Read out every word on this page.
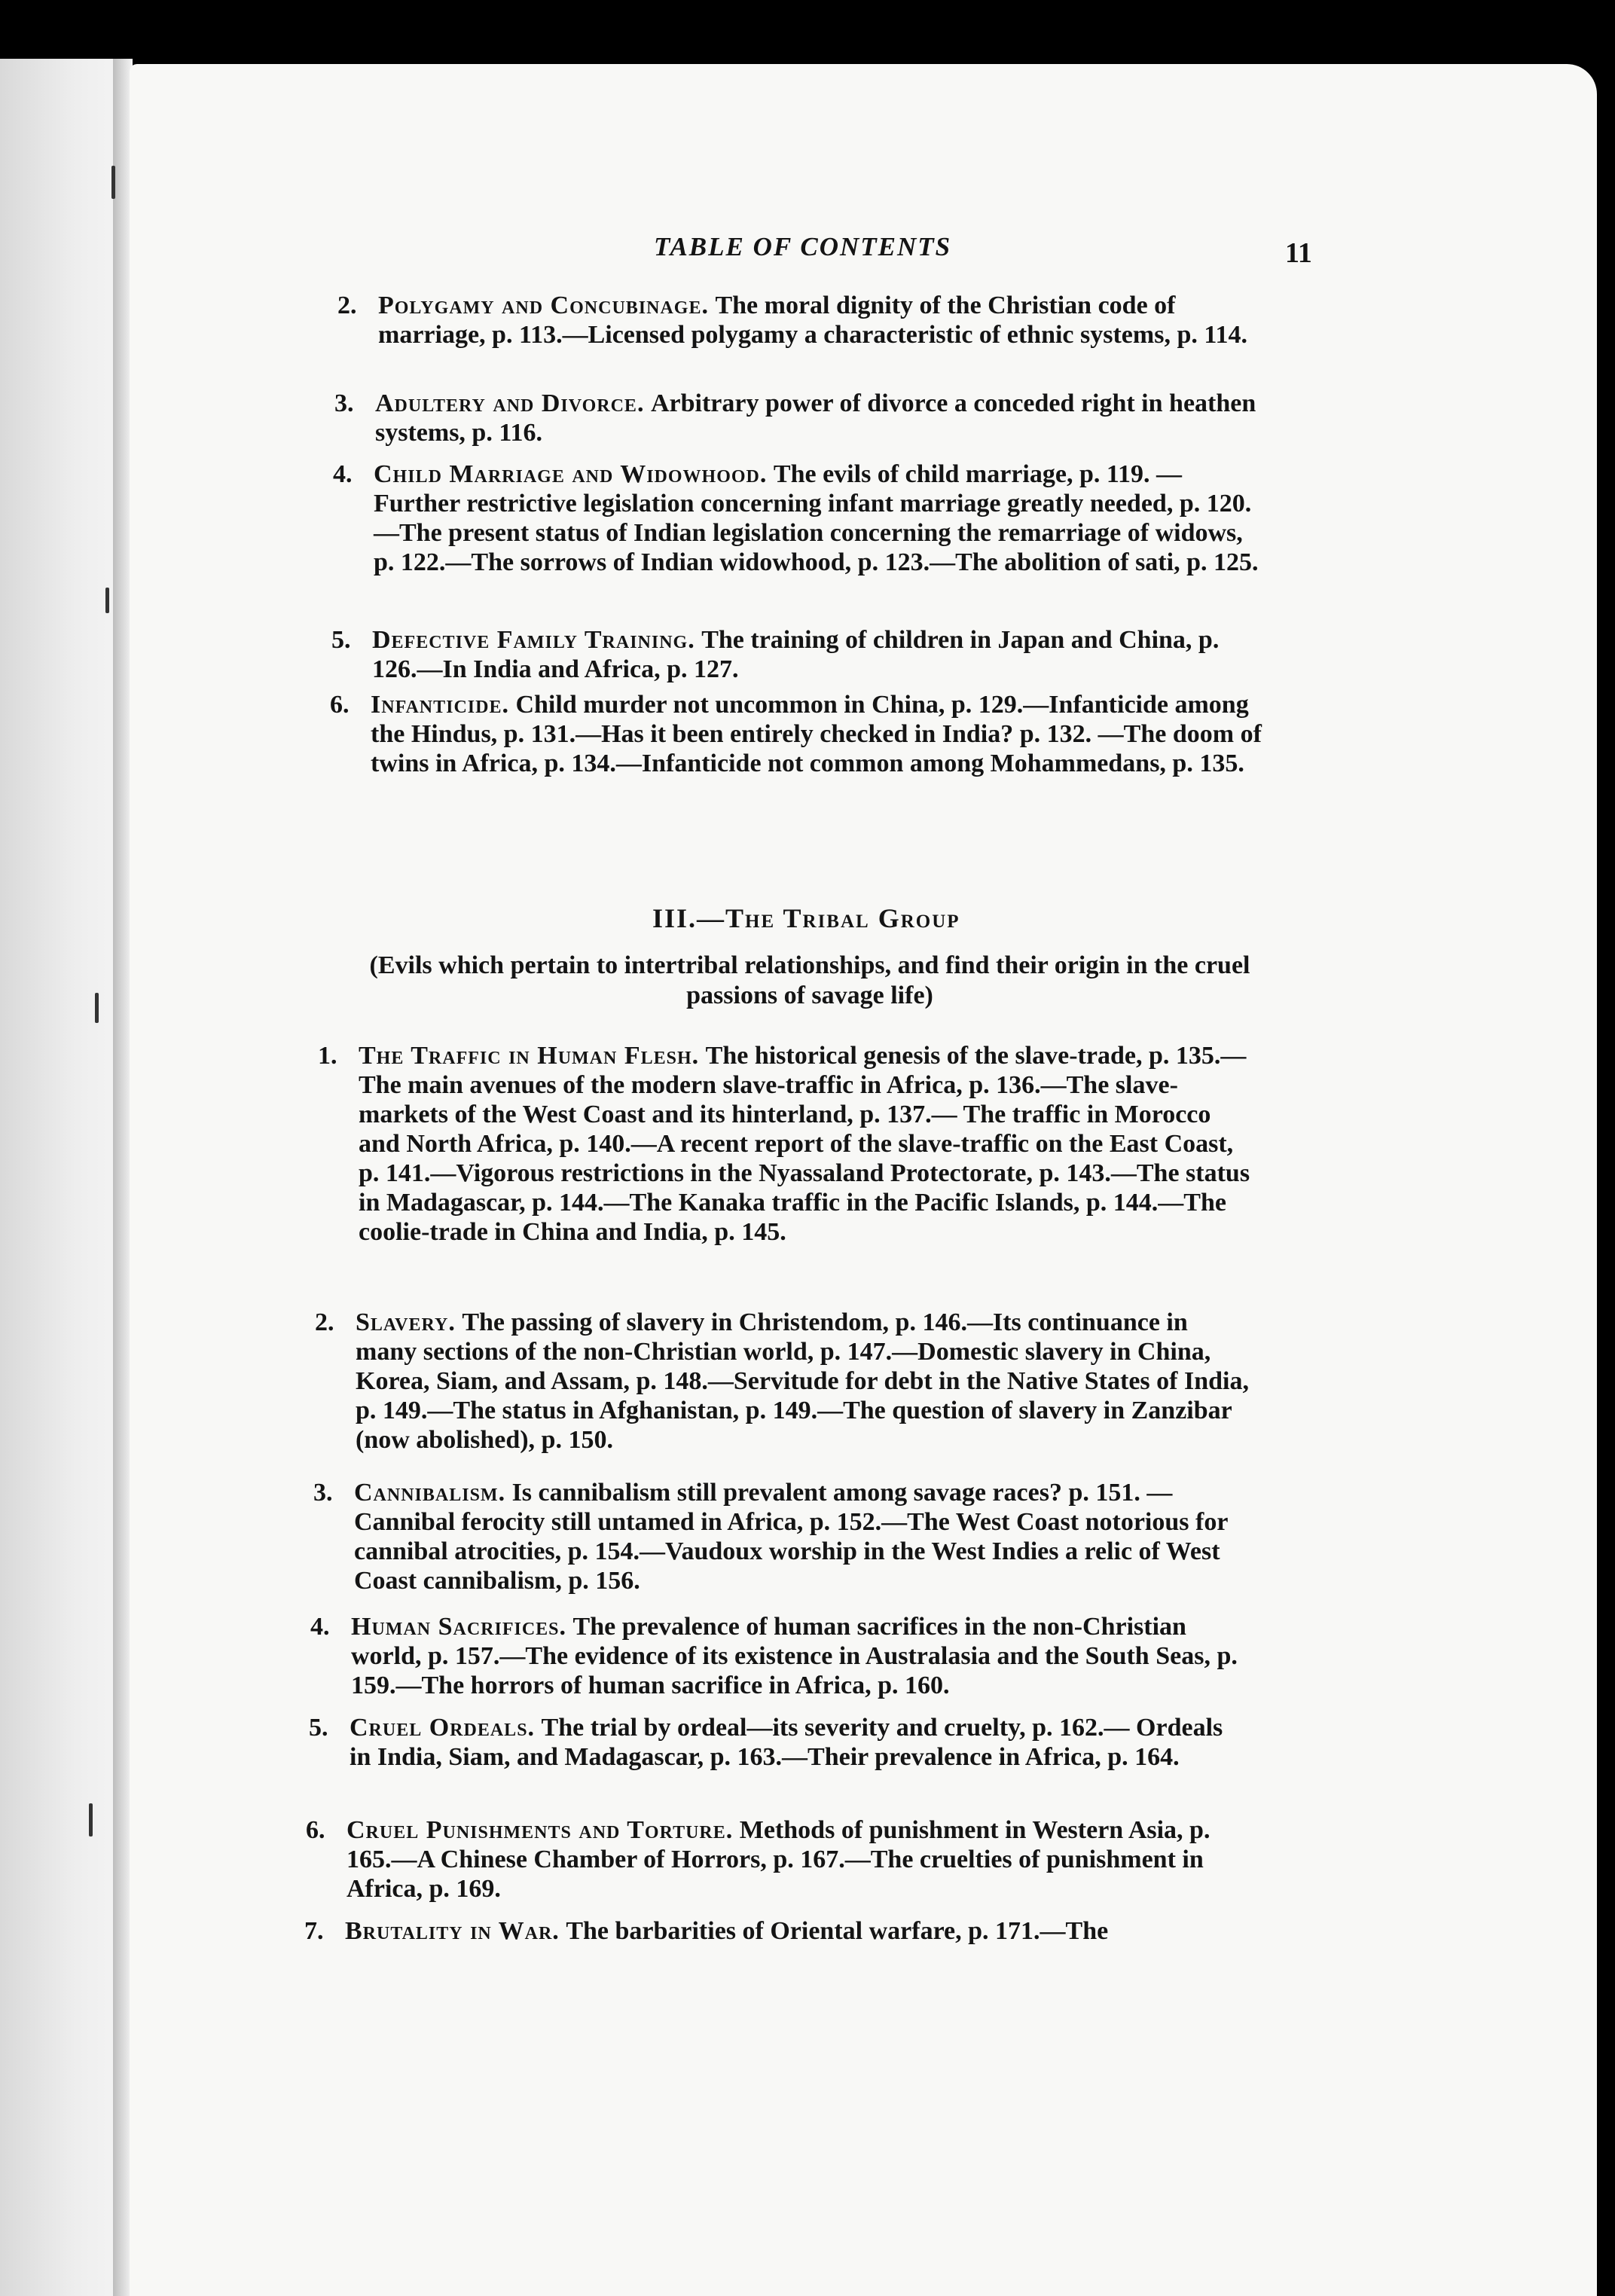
TABLE OF CONTENTS	11
2. Polygamy and Concubinage. The moral dignity of the Christian code of marriage, p. 113.—Licensed polygamy a characteristic of ethnic systems, p. 114.
3. Adultery and Divorce. Arbitrary power of divorce a conceded right in heathen systems, p. 116.
4. Child Marriage and Widowhood. The evils of child marriage, p. 119. —Further restrictive legislation concerning infant marriage greatly needed, p. 120.—The present status of Indian legislation concerning the remarriage of widows, p. 122.—The sorrows of Indian widowhood, p. 123.—The abolition of sati, p. 125.
5. Defective Family Training. The training of children in Japan and China, p. 126.—In India and Africa, p. 127.
6. Infanticide. Child murder not uncommon in China, p. 129.—Infanticide among the Hindus, p. 131.—Has it been entirely checked in India? p. 132. —The doom of twins in Africa, p. 134.—Infanticide not common among Mohammedans, p. 135.
III.—The Tribal Group
(Evils which pertain to intertribal relationships, and find their origin in the cruel passions of savage life)
1. The Traffic in Human Flesh. The historical genesis of the slave-trade, p. 135.—The main avenues of the modern slave-traffic in Africa, p. 136.—The slave-markets of the West Coast and its hinterland, p. 137.— The traffic in Morocco and North Africa, p. 140.—A recent report of the slave-traffic on the East Coast, p. 141.—Vigorous restrictions in the Nyassaland Protectorate, p. 143.—The status in Madagascar, p. 144.—The Kanaka traffic in the Pacific Islands, p. 144.—The coolie-trade in China and India, p. 145.
2. Slavery. The passing of slavery in Christendom, p. 146.—Its continuance in many sections of the non-Christian world, p. 147.—Domestic slavery in China, Korea, Siam, and Assam, p. 148.—Servitude for debt in the Native States of India, p. 149.—The status in Afghanistan, p. 149.—The question of slavery in Zanzibar (now abolished), p. 150.
3. Cannibalism. Is cannibalism still prevalent among savage races? p. 151. —Cannibal ferocity still untamed in Africa, p. 152.—The West Coast notorious for cannibal atrocities, p. 154.—Vaudoux worship in the West Indies a relic of West Coast cannibalism, p. 156.
4. Human Sacrifices. The prevalence of human sacrifices in the non-Christian world, p. 157.—The evidence of its existence in Australasia and the South Seas, p. 159.—The horrors of human sacrifice in Africa, p. 160.
5. Cruel Ordeals. The trial by ordeal—its severity and cruelty, p. 162.— Ordeals in India, Siam, and Madagascar, p. 163.—Their prevalence in Africa, p. 164.
6. Cruel Punishments and Torture. Methods of punishment in Western Asia, p. 165.—A Chinese Chamber of Horrors, p. 167.—The cruelties of punishment in Africa, p. 169.
7. Brutality in War. The barbarities of Oriental warfare, p. 171.—The
